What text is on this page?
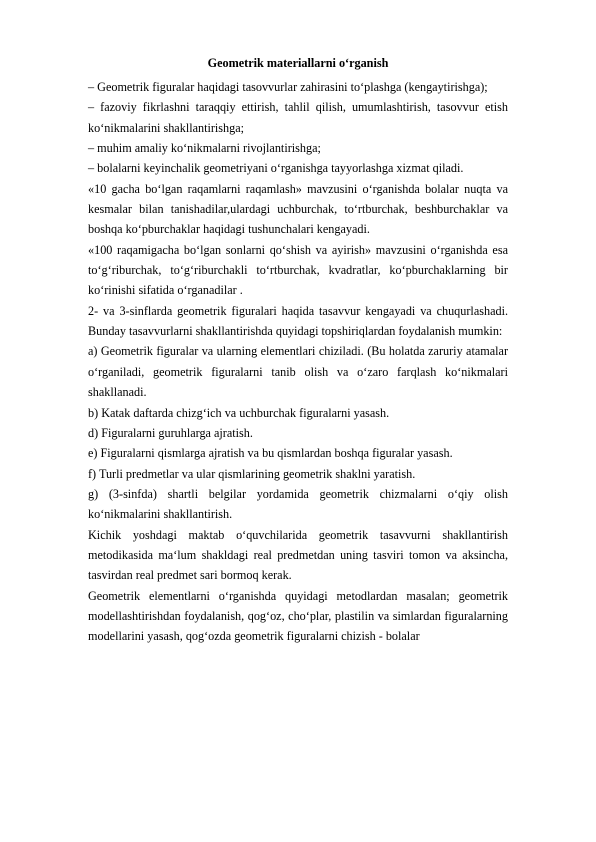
Geometrik materiallarni o‘rganish

– Geometrik figuralar haqidagi tasovvurlar zahirasini to‘plashga (kengaytirishga);

– fazoviy fikrlashni taraqqiy ettirish, tahlil qilish, umumlashtirish, tasovvur etish ko‘nikmalarini shakllantirishga;

– muhim amaliy ko‘nikmalarni rivojlantirishga;

– bolalarni keyinchalik geometriyani o‘rganishga tayyorlashga xizmat qiladi.

«10 gacha bo‘lgan raqamlarni raqamlash» mavzusini o‘rganishda bolalar nuqta va kesmalar bilan tanishadilar,ulardagi uchburchak, to‘rtburchak, beshburchaklar va boshqa ko‘pburchaklar haqidagi tushunchalari kengayadi.

«100 raqamigacha bo‘lgan sonlarni qo‘shish va ayirish» mavzusini o‘rganishda esa to‘g‘riburchak, to‘g‘riburchakli to‘rtburchak, kvadratlar, ko‘pburchaklarning bir ko‘rinishi sifatida o‘rganadilar .

2- va 3-sinflarda geometrik figuralari haqida tasavvur kengayadi va chuqurlashadi. Bunday tasavvurlarni shakllantirishda quyidagi topshiriqlardan foydalanish mumkin:

a) Geometrik figuralar va ularning elementlari chiziladi. (Bu holatda zaruriy atamalar o‘rganiladi, geometrik figuralarni tanib olish va o‘zaro farqlash ko‘nikmalari shakllanadi.

b) Katak daftarda chizg‘ich va uchburchak figuralarni yasash.

d) Figuralarni guruhlarga ajratish.

e) Figuralarni qismlarga ajratish va bu qismlardan boshqa figuralar yasash.

f) Turli predmetlar va ular qismlarining geometrik shaklni yaratish.

g) (3-sinfda) shartli belgilar yordamida geometrik chizmalarni o‘qiy olish ko‘nikmalarini shakllantirish.

Kichik yoshdagi maktab o‘quvchilarida geometrik tasavvurni shakllantirish metodikasida ma‘lum shakldagi real predmetdan uning tasviri tomon va aksincha, tasvirdan real predmet sari bormoq kerak.

Geometrik elementlarni o‘rganishda quyidagi metodlardan masalan; geometrik modellashtirishdan foydalanish, qog‘oz, cho‘plar, plastilin va simlardan figuralarning modellarini yasash, qog‘ozda geometrik figuralarni chizish - bolalar
